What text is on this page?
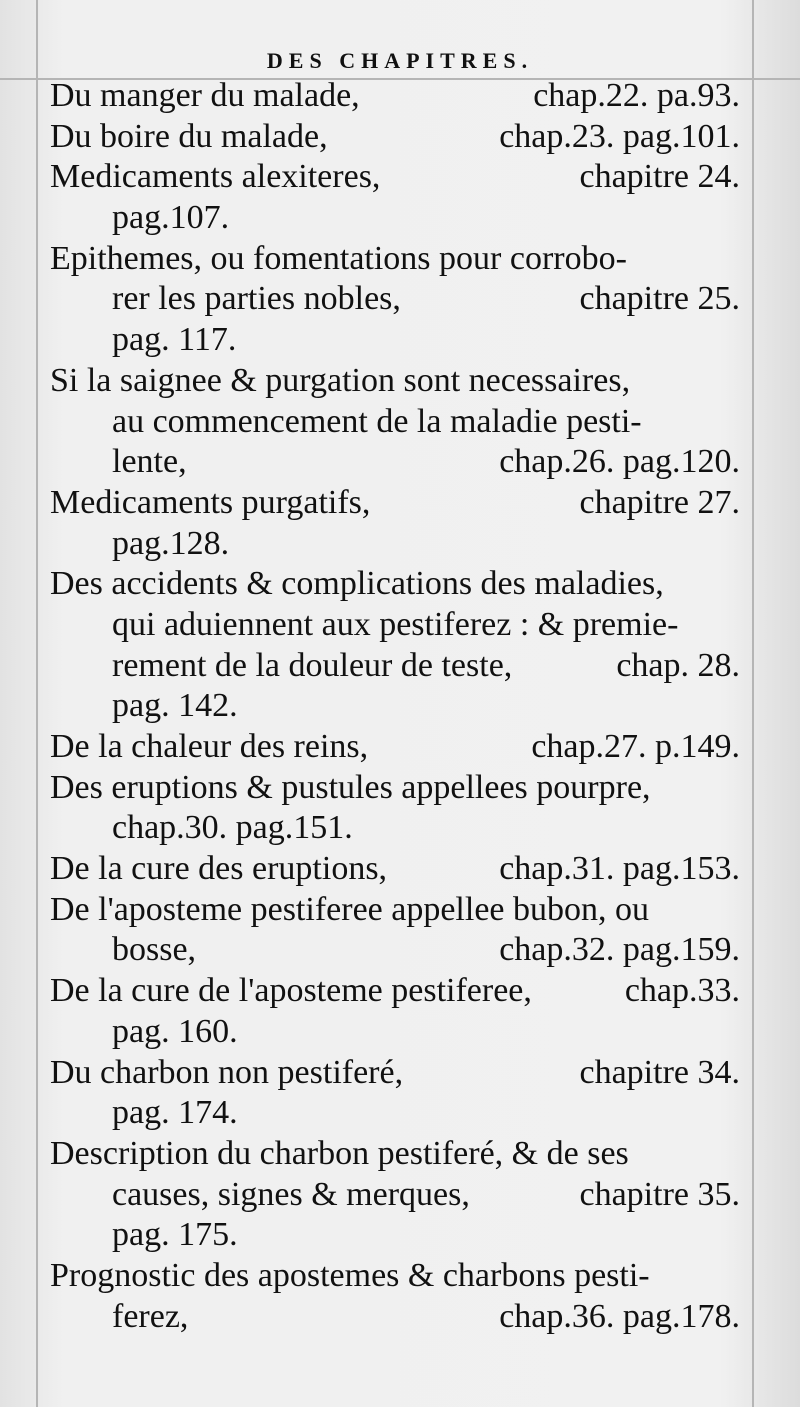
DES CHAPITRES.
Du manger du malade,	chap.22. pa.93.
Du boire du malade,	chap.23. pag.101.
Medicaments alexiteres,	chapitre 24.
pag.107.
Epithemes, ou fomentations pour corrobo-
rer les parties nobles,	chapitre 25.
pag. 117.
Si la saignee & purgation sont necessaires,
au commencement de la maladie pesti-
lente,	chap.26. pag.120.
Medicaments purgatifs,	chapitre 27.
pag.128.
Des accidents & complications des maladies,
qui aduiennent aux pestiferez : & premie-
rement de la douleur de teste,	chap. 28.
pag. 142.
De la chaleur des reins,	chap.27. p.149.
Des eruptions & pustules appellees pourpre,
chap.30. pag.151.
De la cure des eruptions,	chap.31. pag.153.
De l'aposteme pestiferee appellee bubon, ou
bosse,	chap.32. pag.159.
De la cure de l'aposteme pestiferee,	chap.33.
pag. 160.
Du charbon non pestiferé,	chapitre 34.
pag. 174.
Description du charbon pestiferé, & de ses
causes, signes & merques,	chapitre 35.
pag. 175.
Prognostic des apostemes & charbons pesti-
ferez,	chap.36. pag.178.
